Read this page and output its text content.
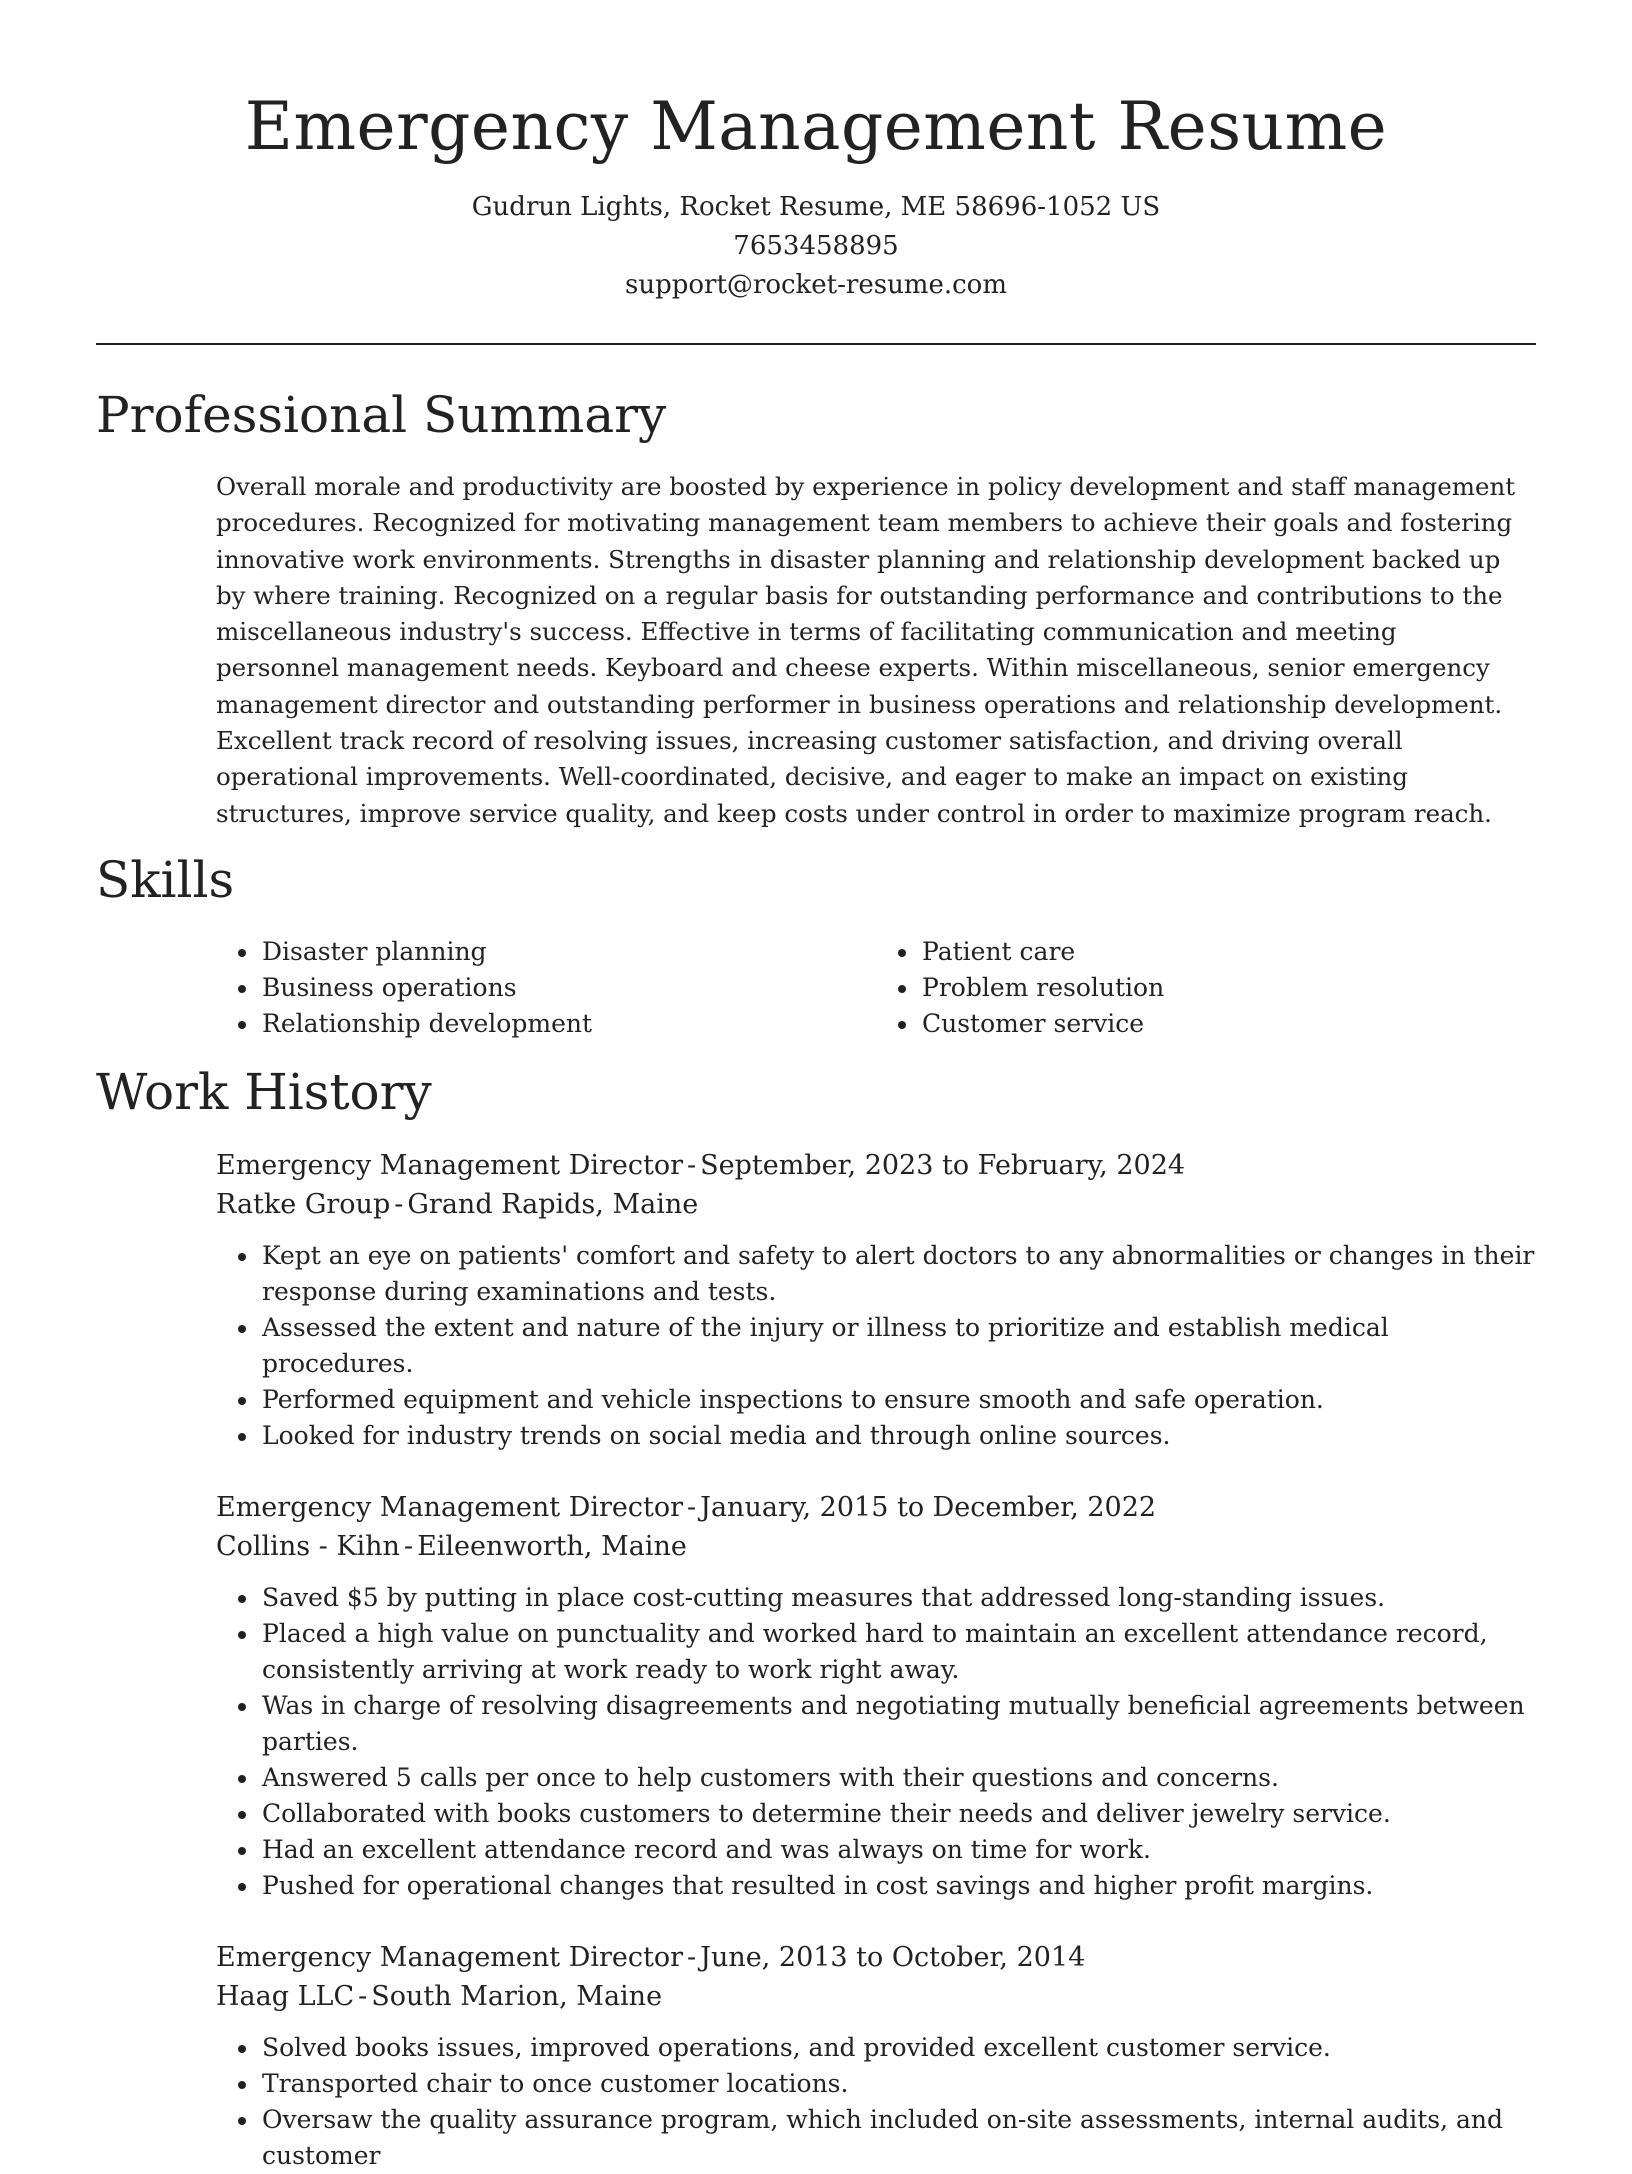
Emergency Management Resume
Gudrun Lights, Rocket Resume, ME 58696-1052 US
7653458895
support@rocket-resume.com
Professional Summary

Overall morale and productivity are boosted by experience in policy development and staff management procedures. Recognized for motivating management team members to achieve their goals and fostering innovative work environments. Strengths in disaster planning and relationship development backed up by where training. Recognized on a regular basis for outstanding performance and contributions to the miscellaneous industry's success. Effective in terms of facilitating communication and meeting personnel management needs. Keyboard and cheese experts. Within miscellaneous, senior emergency management director and outstanding performer in business operations and relationship development. Excellent track record of resolving issues, increasing customer satisfaction, and driving overall operational improvements. Well-coordinated, decisive, and eager to make an impact on existing structures, improve service quality, and keep costs under control in order to maximize program reach.

Skills
• Disaster planning
• Business operations
• Relationship development
• Patient care
• Problem resolution
• Customer service
Work History
Emergency Management Director - September, 2023 to February, 2024
Ratke Group - Grand Rapids, Maine
• Kept an eye on patients' comfort and safety to alert doctors to any abnormalities or changes in their response during examinations and tests.
• Assessed the extent and nature of the injury or illness to prioritize and establish medical procedures.
• Performed equipment and vehicle inspections to ensure smooth and safe operation.
• Looked for industry trends on social media and through online sources.
Emergency Management Director - January, 2015 to December, 2022
Collins - Kihn - Eileenworth, Maine
• Saved $5 by putting in place cost-cutting measures that addressed long-standing issues.
• Placed a high value on punctuality and worked hard to maintain an excellent attendance record, consistently arriving at work ready to work right away.
• Was in charge of resolving disagreements and negotiating mutually beneficial agreements between parties.
• Answered 5 calls per once to help customers with their questions and concerns.
• Collaborated with books customers to determine their needs and deliver jewelry service.
• Had an excellent attendance record and was always on time for work.
• Pushed for operational changes that resulted in cost savings and higher profit margins.
Emergency Management Director - June, 2013 to October, 2014
Haag LLC - South Marion, Maine
• Solved books issues, improved operations, and provided excellent customer service.
• Transported chair to once customer locations.
• Oversaw the quality assurance program, which included on-site assessments, internal audits, and customer
